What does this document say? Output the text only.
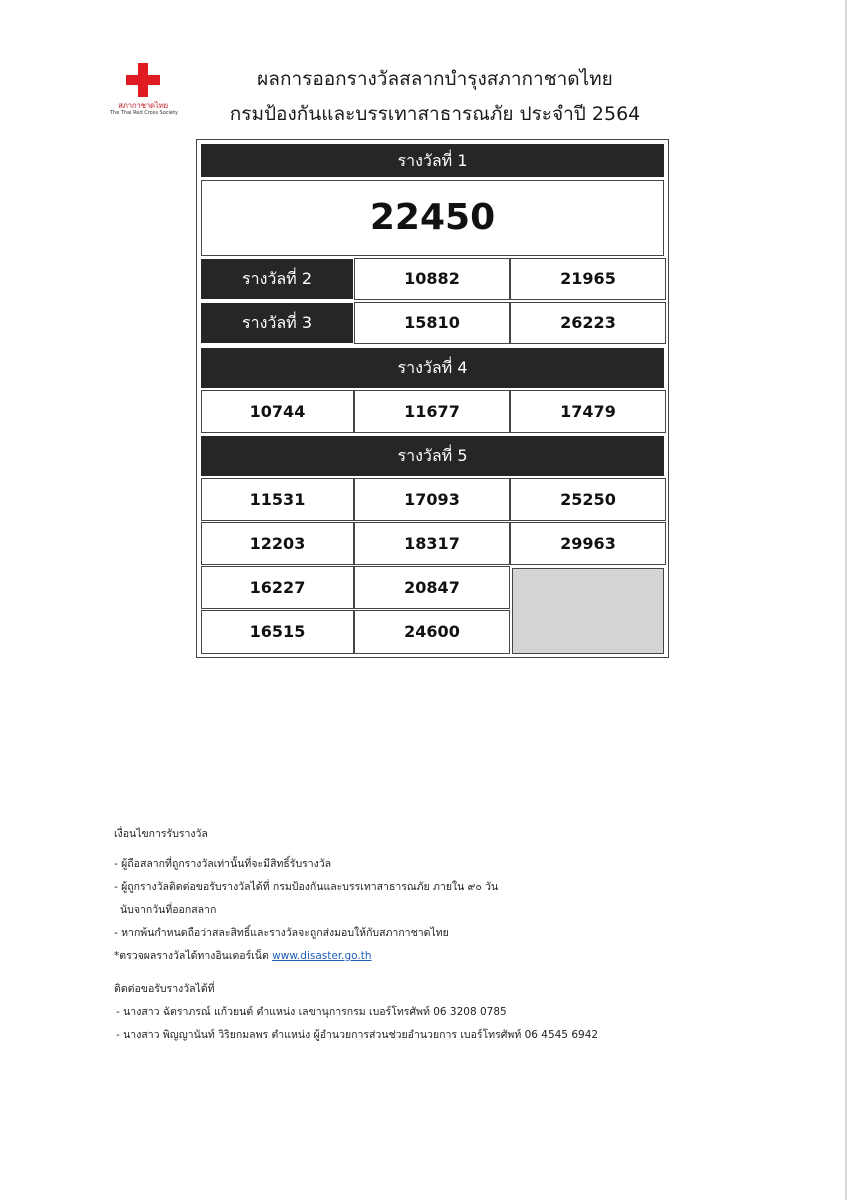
สภากาชาดไทย
The Thai Red Cross Society
ผลการออกรางวัลสลากบำรุงสภากาชาดไทย
กรมป้องกันและบรรเทาสาธารณภัย ประจำปี 2564
รางวัลที่ 1
22450
รางวัลที่ 2	10882	21965
รางวัลที่ 3	15810	26223
รางวัลที่ 4
10744	11677	17479
รางวัลที่ 5
11531	17093	25250
12203	18317	29963
16227	20847
16515	24600
เงื่อนไขการรับรางวัล
- ผู้ถือสลากที่ถูกรางวัลเท่านั้นที่จะมีสิทธิ์รับรางวัล
- ผู้ถูกรางวัลติดต่อขอรับรางวัลได้ที่ กรมป้องกันและบรรเทาสาธารณภัย ภายใน ๙๐ วัน
นับจากวันที่ออกสลาก
- หากพ้นกำหนดถือว่าสละสิทธิ์และรางวัลจะถูกส่งมอบให้กับสภากาชาดไทย
*ตรวจผลรางวัลได้ทางอินเตอร์เน็ต www.disaster.go.th
ติดต่อขอรับรางวัลได้ที่
- นางสาว ฉัตราภรณ์ แก้วยนต์ ตำแหน่ง เลขานุการกรม เบอร์โทรศัพท์ 06 3208 0785
- นางสาว พิญญานันท์ วิริยกมลพร ตำแหน่ง ผู้อำนวยการส่วนช่วยอำนวยการ เบอร์โทรศัพท์ 06 4545 6942
